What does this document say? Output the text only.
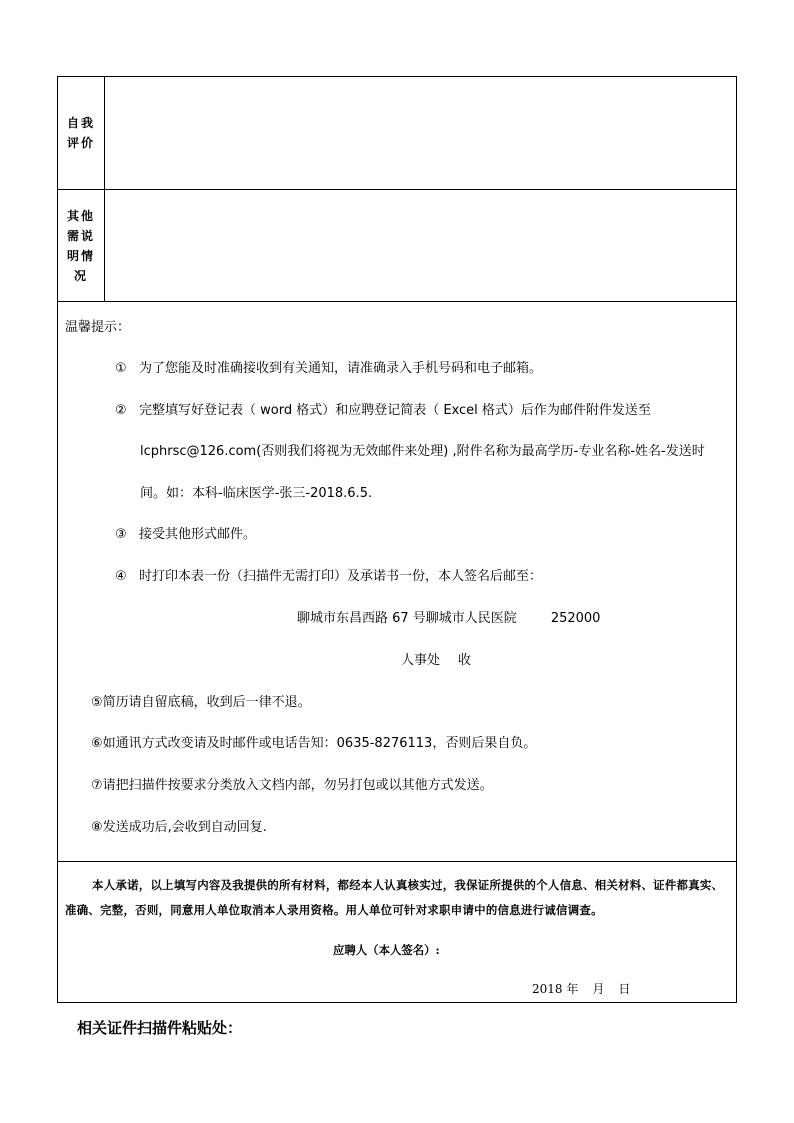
自我评价
其他需说明情况
温馨提示：
① 为了您能及时准确接收到有关通知，请准确录入手机号码和电子邮箱。
② 完整填写好登记表（ word 格式）和应聘登记简表（ Excel 格式）后作为邮件附件发送至
lcphrsc@126.com(否则我们将视为无效邮件来处理) ,附件名称为最高学历-专业名称-姓名-发送时
间。如：本科-临床医学-张三-2018.6.5.
③ 接受其他形式邮件。
④ 时打印本表一份（扫描件无需打印）及承诺书一份，本人签名后邮至：
聊城市东昌西路 67 号聊城市人民医院	252000
人事处 收
⑤简历请自留底稿，收到后一律不退。
⑥如通讯方式改变请及时邮件或电话告知：0635-8276113，否则后果自负。
⑦请把扫描件按要求分类放入文档内部，勿另打包或以其他方式发送。
⑧发送成功后,会收到自动回复.
本人承诺，以上填写内容及我提供的所有材料，都经本人认真核实过，我保证所提供的个人信息、相关材料、证件都真实、准确、完整，否则，同意用人单位取消本人录用资格。用人单位可针对求职申请中的信息进行诚信调查。
应聘人（本人签名）:
2018 年 月 日
相关证件扫描件粘贴处：
